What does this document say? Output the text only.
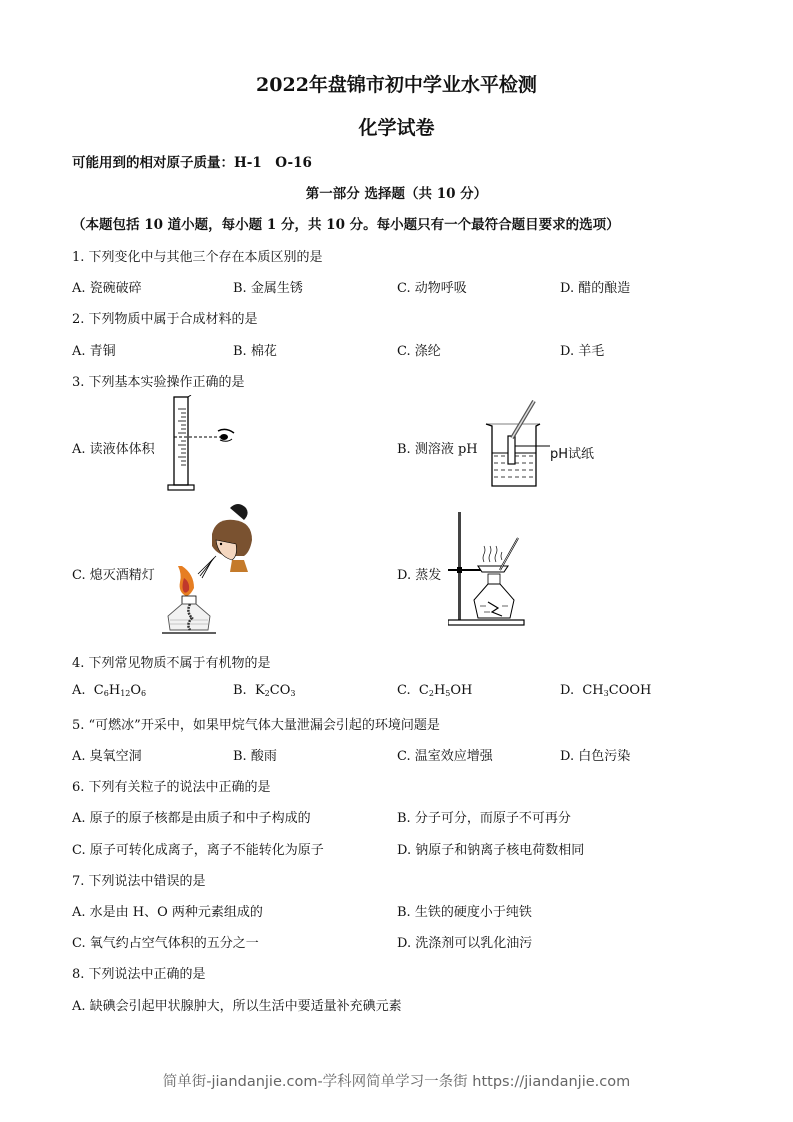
2022年盘锦市初中学业水平检测
化学试卷
可能用到的相对原子质量：H-1　O-16
第一部分 选择题（共 10 分）
（本题包括 10 道小题，每小题 1 分，共 10 分。每小题只有一个最符合题目要求的选项）
1. 下列变化中与其他三个存在本质区别的是
A. 瓷碗破碎	B. 金属生锈	C. 动物呼吸	D. 醋的酿造
2. 下列物质中属于合成材料的是
A. 青铜	B. 棉花	C. 涤纶	D. 羊毛
3. 下列基本实验操作正确的是
A. 读液体体积	B. 测溶液 pH
C. 熄灭酒精灯	D. 蒸发
pH试纸
4. 下列常见物质不属于有机物的是
A. $C_6H_{12}O_6$	B. $K_2CO_3$	C. $C_2H_5OH$	D. $CH_3COOH$
5. “可燃冰”开采中，如果甲烷气体大量泄漏会引起的环境问题是
A. 臭氧空洞	B. 酸雨	C. 温室效应增强	D. 白色污染
6. 下列有关粒子的说法中正确的是
A. 原子的原子核都是由质子和中子构成的	B. 分子可分，而原子不可再分
C. 原子可转化成离子，离子不能转化为原子	D. 钠原子和钠离子核电荷数相同
7. 下列说法中错误的是
A. 水是由 H、O 两种元素组成的	B. 生铁的硬度小于纯铁
C. 氧气约占空气体积的五分之一	D. 洗涤剂可以乳化油污
8. 下列说法中正确的是
A. 缺碘会引起甲状腺肿大，所以生活中要适量补充碘元素
简单街-jiandanjie.com-学科网简单学习一条街 https://jiandanjie.com
